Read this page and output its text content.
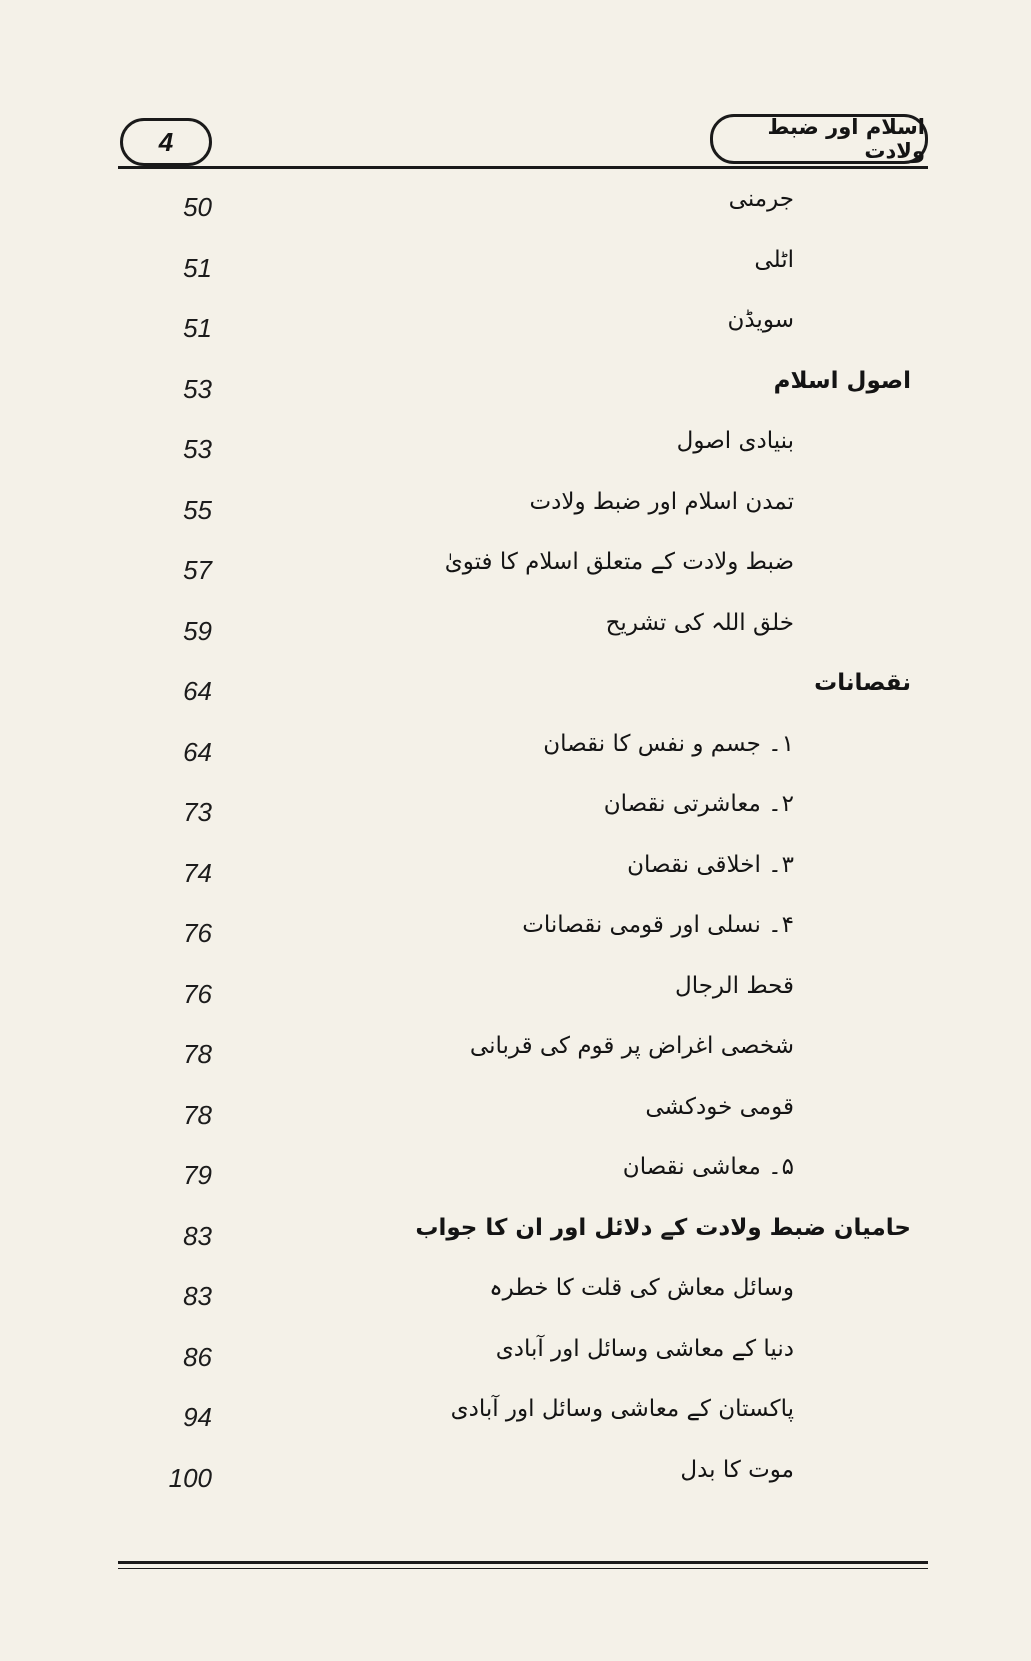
4	اسلام اور ضبط ولادت
50	جرمنی
51	اٹلی
51	سویڈن
53	اصول اسلام
53	بنیادی اصول
55	تمدن اسلام اور ضبط ولادت
57	ضبط ولادت کے متعلق اسلام کا فتویٰ
59	خلق اللہ کی تشریح
64	نقصانات
64	۱۔ جسم و نفس کا نقصان
73	۲۔ معاشرتی نقصان
74	۳۔ اخلاقی نقصان
76	۴۔ نسلی اور قومی نقصانات
76	قحط الرجال
78	شخصی اغراض پر قوم کی قربانی
78	قومی خودکشی
79	۵۔ معاشی نقصان
83	حامیان ضبط ولادت کے دلائل اور ان کا جواب
83	وسائل معاش کی قلت کا خطرہ
86	دنیا کے معاشی وسائل اور آبادی
94	پاکستان کے معاشی وسائل اور آبادی
100	موت کا بدل
